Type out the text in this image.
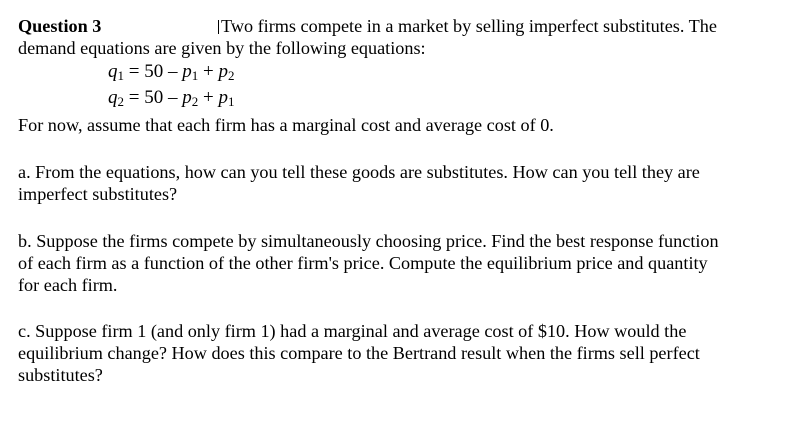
Question 3	Two firms compete in a market by selling imperfect substitutes. The
demand equations are given by the following equations:
$q_1 = 50 - p_1 + p_2$
$q_2 = 50 - p_2 + p_1$
For now, assume that each firm has a marginal cost and average cost of 0.
a. From the equations, how can you tell these goods are substitutes. How can you tell they are
imperfect substitutes?
b. Suppose the firms compete by simultaneously choosing price. Find the best response function
of each firm as a function of the other firm's price. Compute the equilibrium price and quantity
for each firm.
c. Suppose firm 1 (and only firm 1) had a marginal and average cost of $10. How would the
equilibrium change? How does this compare to the Bertrand result when the firms sell perfect
substitutes?
